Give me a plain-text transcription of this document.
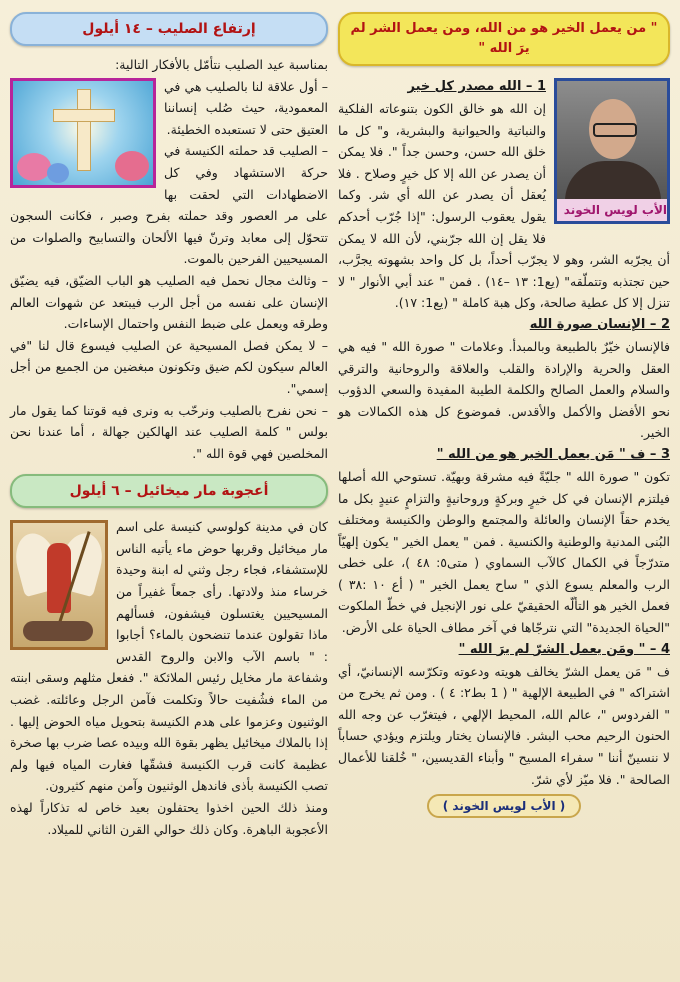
" من يعمل الخير هو من الله، ومن يعمل الشر لم يرَ الله "
الأب لويس الخوند
1 – الله مصدر كل خير

إن الله هو خالق الكون بتنوعاته الفلكية والنباتية والحيوانية والبشرية، و" كل ما خلق الله حسن، وحسن جداً ". فلا يمكن أن يصدر عن الله إلا كل خيرٍ وصلاح . فلا يُعقل أن يصدر عن الله أي شر. وكما يقول يعقوب الرسول: "إذا جُرّب أحدكم فلا يقل إن الله جرّبني، لأن الله لا يمكن أن يجرّبه الشر، وهو لا يجرّب أحداً، بل كل واحد بشهوته يجرَّب، حين تجتذبه وتتملّقه" (يع1: ١٣ –١٤) . فمن " عند أبي الأنوار " لا تنزل إلا كل عطية صالحة، وكل هبة كاملة " (يع1: ١٧).

2 – الإنسان صورة الله

فالإنسان خيّرٌ بالطبيعة وبالمبدأ. وعلامات " صورة الله " فيه هي العقل والحرية والإرادة والقلب والعلاقة والروحانية والترقي والسلام والعمل الصالح والكلمة الطيبة المفيدة والسعي الدؤوب نحو الأفضل والأكمل والأقدس. فموضوع كل هذه الكمالات هو الخير.

3 – ف " مَن يعمل الخير هو من الله "

تكون " صورة الله " جليّةً فيه مشرقة وبهيّة. تستوحي الله أصلها فيلتزم الإنسان في كل خيرٍ وبركةٍ وروحانيةٍ والتزامٍ عنيدٍ بكل ما يخدم حقاً الإنسان والعائلة والمجتمع والوطن والكنيسة ومختلف البُنى المدنية والوطنية والكنسية . فمن " يعمل الخير " يكون إلهيّاً متدرّجاً في الكمال كالآب السماوي ( متى٥: ٤٨ )، على خطى الرب والمعلم يسوع الذي " ساح يعمل الخير " ( أع ١٠ :٣٨ ) فعمل الخير هو التألّه الحقيقيّ على نور الإنجيل في خطّ الملكوت "الحياة الجديدة" التي نترجّاها في آخر مطاف الحياة على الأرض.

4 – " ومَن يعمل الشرّ لم يرَ الله "

ف " مَن يعمل الشرّ يخالف هويته ودعوته وتكرّسه الإنسانيّ، أي اشتراكه " في الطبيعة الإلهية " ( 1 بط٢: ٤ ) . ومن ثم يخرج من " الفردوس "، عالم الله، المحيط الإلهي ، فيتغرّب عن وجه الله الحنون الرحيم محب البشر. فالإنسان يختار ويلتزم ويؤدي حساباً لا ننسينّ أننا " سفراء المسيح " وأبناء القديسين، " خُلقنا للأعمال الصالحة ". فلا ميّز لأي شرّ.

( الأب لويس الخوند )
إرتفاع الصليب – ١٤ أيلول

بمناسبة عيد الصليب نتأمّل بالأفكار التالية:

– أول علاقة لنا بالصليب هي في المعمودية، حيث صُلب إنساننا العتيق حتى لا تستعبده الخطيئة.

– الصليب قد حملته الكنيسة في حركة الاستشهاد وفي كل الاضطهادات التي لحقت بها على مر العصور وقد حملته بفرح وصبر ، فكانت السجون تتحوّل إلى معابد وترنّ فيها الألحان والتسابيح والصلوات من المسيحيين الفرحين بالموت.

– وثالث مجال نحمل فيه الصليب هو الباب الضيّق، فيه يضيّق الإنسان على نفسه من أجل الرب فيبتعد عن شهوات العالم وطرقه ويعمل على ضبط النفس واحتمال الإساءات.

– لا يمكن فصل المسيحية عن الصليب فيسوع قال لنا "في العالم سيكون لكم ضيق وتكونون مبغضين من الجميع من أجل إسمي".

– نحن نفرح بالصليب ونرحّب به ونرى فيه قوتنا كما يقول مار بولس " كلمة الصليب عند الهالكين جهالة ، أما عندنا نحن المخلصين فهي قوة الله ".

أعجوبة مار ميخائيل – ٦ أيلول

كان في مدينة كولوسي كنيسة على اسم مار ميخائيل وقربها حوض ماء يأتيه الناس للإستشفاء، فجاء رجل وثني له ابنة وحيدة خرساء منذ ولادتها. رأى جمعاً غفيراً من المسيحيين يغتسلون فيشفون، فسألهم ماذا تقولون عندما تنضحون بالماء؟ أجابوا : " باسم الآب والابن والروح القدس وشفاعة مار مخايل رئيس الملائكة ". ففعل مثلهم وسقى ابنته من الماء فشُفيت حالاً وتكلمت فآمن الرجل وعائلته. غضب الوثنيون وعزموا على هدم الكنيسة بتحويل مياه الحوض إليها . إذا بالملاك ميخائيل يظهر بقوة الله وبيده عصا ضرب بها صخرة عظيمة كانت قرب الكنيسة فشقّها فغارت المياه فيها ولم تصب الكنيسة بأذى فاندهل الوثنيون وآمن منهم كثيرون.

ومنذ ذلك الحين اخذوا يحتفلون بعيد خاص له تذكاراً لهذه الأعجوبة الباهرة. وكان ذلك حوالي القرن الثاني للميلاد.
